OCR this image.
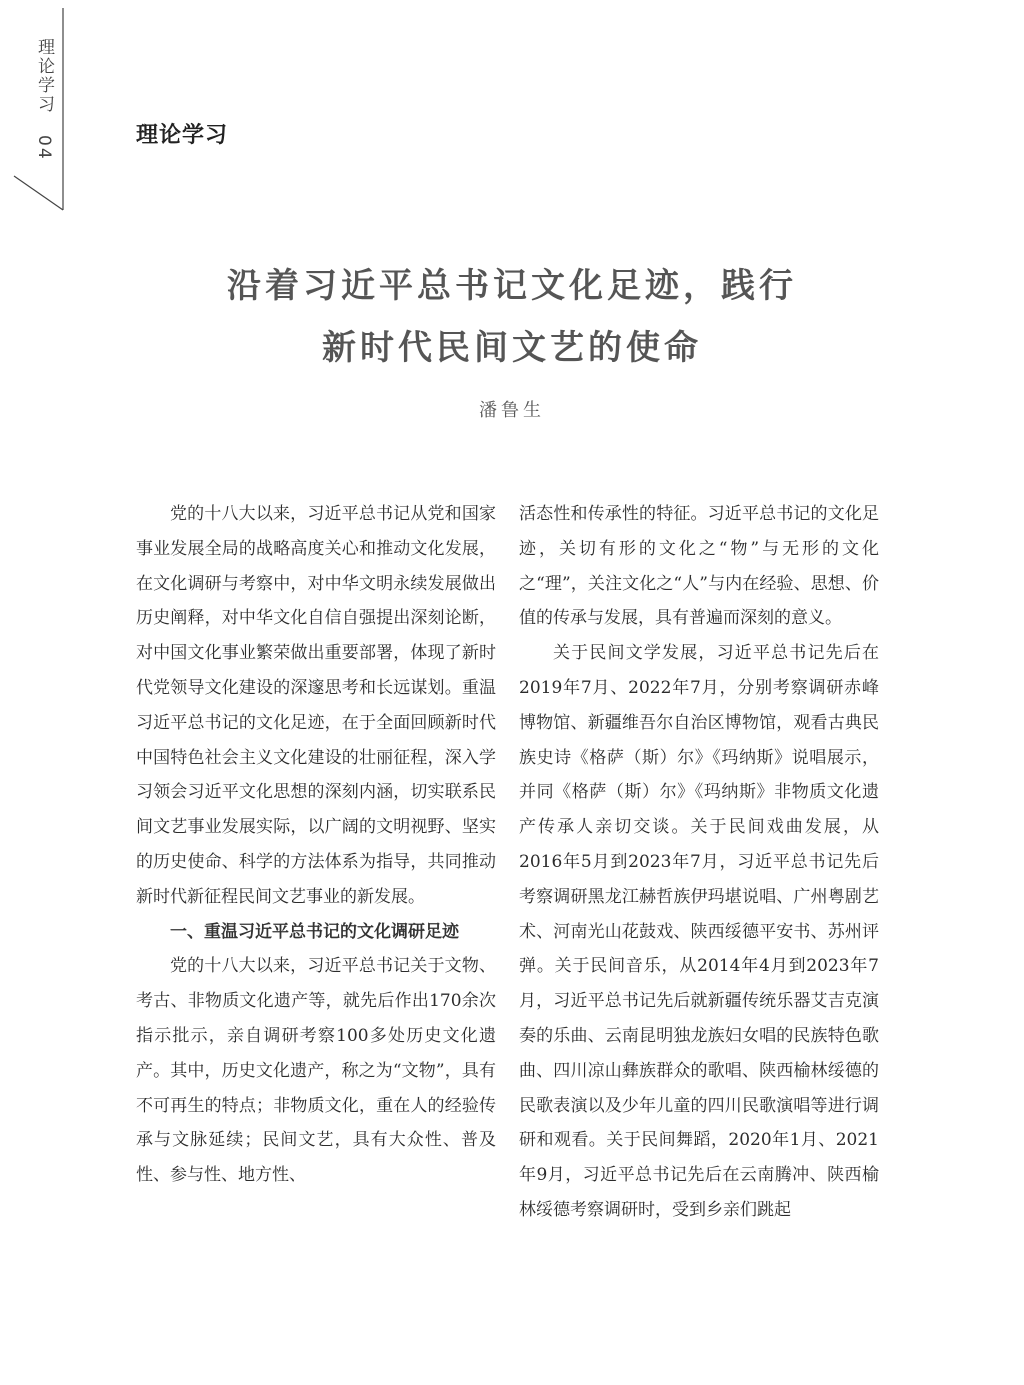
理论学习 04	理论学习
沿着习近平总书记文化足迹，践行
新时代民间文艺的使命
潘鲁生

党的十八大以来，习近平总书记从党和国家事业发展全局的战略高度关心和推动文化发展，在文化调研与考察中，对中华文明永续发展做出历史阐释，对中华文化自信自强提出深刻论断，对中国文化事业繁荣做出重要部署，体现了新时代党领导文化建设的深邃思考和长远谋划。重温习近平总书记的文化足迹，在于全面回顾新时代中国特色社会主义文化建设的壮丽征程，深入学习领会习近平文化思想的深刻内涵，切实联系民间文艺事业发展实际，以广阔的文明视野、坚实的历史使命、科学的方法体系为指导，共同推动新时代新征程民间文艺事业的新发展。

一、重温习近平总书记的文化调研足迹

党的十八大以来，习近平总书记关于文物、考古、非物质文化遗产等，就先后作出170余次指示批示，亲自调研考察100多处历史文化遗产。其中，历史文化遗产，称之为“文物”，具有不可再生的特点；非物质文化，重在人的经验传承与文脉延续；民间文艺，具有大众性、普及性、参与性、地方性、

活态性和传承性的特征。习近平总书记的文化足迹，关切有形的文化之“物”与无形的文化之“理”，关注文化之“人”与内在经验、思想、价值的传承与发展，具有普遍而深刻的意义。

关于民间文学发展，习近平总书记先后在2019年7月、2022年7月，分别考察调研赤峰博物馆、新疆维吾尔自治区博物馆，观看古典民族史诗《格萨（斯）尔》《玛纳斯》说唱展示，并同《格萨（斯）尔》《玛纳斯》非物质文化遗产传承人亲切交谈。关于民间戏曲发展，从2016年5月到2023年7月，习近平总书记先后考察调研黑龙江赫哲族伊玛堪说唱、广州粤剧艺术、河南光山花鼓戏、陕西绥德平安书、苏州评弹。关于民间音乐，从2014年4月到2023年7月，习近平总书记先后就新疆传统乐器艾吉克演奏的乐曲、云南昆明独龙族妇女唱的民族特色歌曲、四川凉山彝族群众的歌唱、陕西榆林绥德的民歌表演以及少年儿童的四川民歌演唱等进行调研和观看。关于民间舞蹈，2020年1月、2021年9月，习近平总书记先后在云南腾冲、陕西榆林绥德考察调研时，受到乡亲们跳起
